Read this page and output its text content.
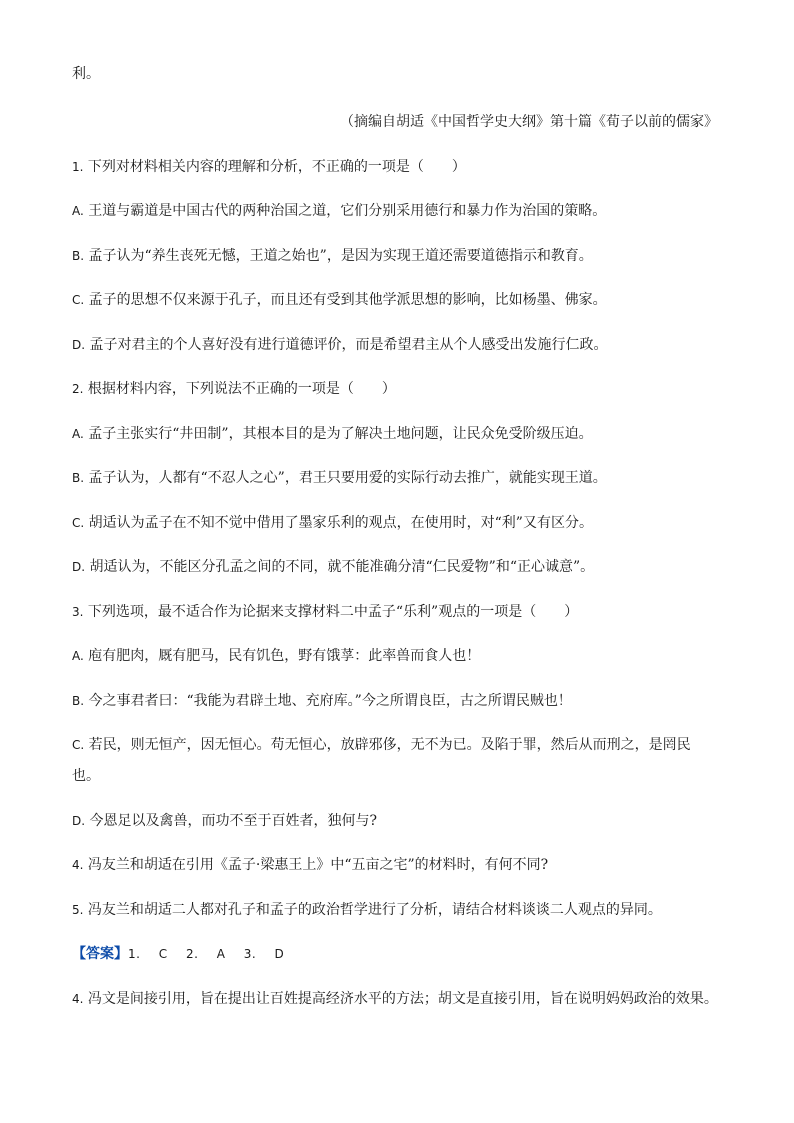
利。
（摘编自胡适《中国哲学史大纲》第十篇《荀子以前的儒家》
1. 下列对材料相关内容的理解和分析，不正确的一项是（　　）
A. 王道与霸道是中国古代的两种治国之道，它们分别采用德行和暴力作为治国的策略。
B. 孟子认为“养生丧死无憾，王道之始也”，是因为实现王道还需要道德指示和教育。
C. 孟子的思想不仅来源于孔子，而且还有受到其他学派思想的影响，比如杨墨、佛家。
D. 孟子对君主的个人喜好没有进行道德评价，而是希望君主从个人感受出发施行仁政。
2. 根据材料内容，下列说法不正确的一项是（　　）
A. 孟子主张实行“井田制”，其根本目的是为了解决土地问题，让民众免受阶级压迫。
B. 孟子认为，人都有“不忍人之心”，君王只要用爱的实际行动去推广，就能实现王道。
C. 胡适认为孟子在不知不觉中借用了墨家乐利的观点，在使用时，对“利”又有区分。
D. 胡适认为，不能区分孔孟之间的不同，就不能准确分清“仁民爱物”和“正心诚意”。
3. 下列选项，最不适合作为论据来支撑材料二中孟子“乐利”观点的一项是（　　）
A. 庖有肥肉，厩有肥马，民有饥色，野有饿莩：此率兽而食人也！
B. 今之事君者曰：“我能为君辟土地、充府库。”今之所谓良臣，古之所谓民贼也！
C. 若民，则无恒产，因无恒心。苟无恒心，放辟邪侈，无不为已。及陷于罪，然后从而刑之，是罔民
也。
D. 今恩足以及禽兽，而功不至于百姓者，独何与?
4. 冯友兰和胡适在引用《孟子·梁惠王上》中“五亩之宅”的材料时，有何不同?
5. 冯友兰和胡适二人都对孔子和孟子的政治哲学进行了分析，请结合材料谈谈二人观点的异同。
【答案】1. C 2. A 3. D
4. 冯文是间接引用，旨在提出让百姓提高经济水平的方法；胡文是直接引用，旨在说明妈妈政治的效果。
